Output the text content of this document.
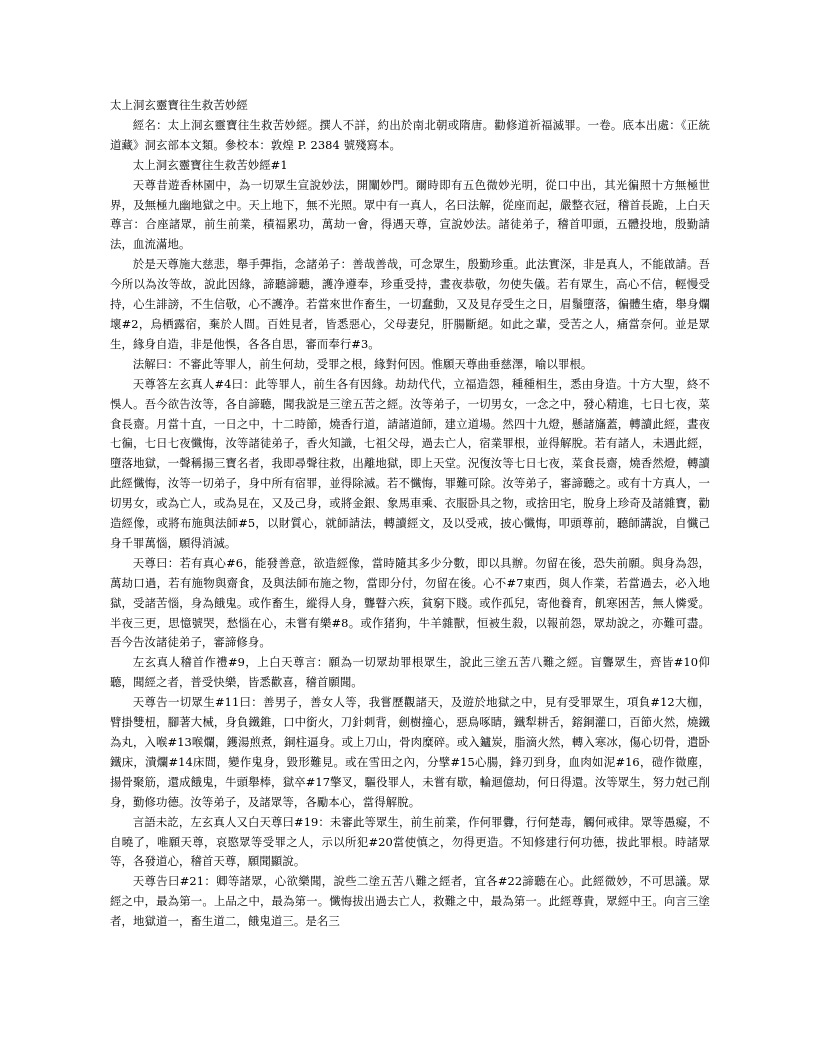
太上洞玄靈寶往生救苦妙經

經名：太上洞玄靈寶往生救苦妙經。撰人不詳，約出於南北朝或隋唐。勸修道祈福滅罪。一卷。底本出處：《正統道藏》洞玄部本文類。參校本：敦煌 P. 2384 號殘寫本。

太上洞玄靈寶往生救苦妙經#1

天尊昔遊香林園中，為一切眾生宣說妙法，開闡妙門。爾時即有五色微妙光明，從口中出，其光徧照十方無極世界，及無極九幽地獄之中。天上地下，無不光照。眾中有一真人，名曰法解，從座而起，嚴整衣冠，稽首長跪，上白天尊言：合座諸眾，前生前業，積福累功，萬劫一會，得遇天尊，宣說妙法。諸徒弟子，稽首叩頭，五體投地，殷勤請法，血流滿地。

於是天尊施大慈悲，舉手彈指，念諸弟子：善哉善哉，可念眾生，殷勤珍重。此法實深，非是真人，不能啟請。吾今所以為汝等故，說此因緣，諦聽諦聽，護净遵奉，珍重受持，晝夜恭敬，勿使失儀。若有眾生，高心不信，輕慢受持，心生誹謗，不生信敬，心不護净。若當來世作畜生，一切蠢動，又及見存受生之日，眉鬚墮落，徧體生瘡，舉身爛壞#2，烏栖露宿，棄於人間。百姓見者，皆悉惡心，父母妻兒，肝腸斷絕。如此之輩，受苦之人，痛當奈何。並是眾生，緣身自造，非是他悞，各各自思，審而奉行#3。

法解曰：不審此等罪人，前生何劫，受罪之根，緣對何因。惟願天尊曲垂慈澤，喻以罪根。

天尊答左玄真人#4曰：此等罪人，前生各有因緣。劫劫代代，立福造怨，種種相生，悉由身造。十方大聖，終不悞人。吾今欲告汝等，各自諦聽，聞我說是三塗五苦之經。汝等弟子，一切男女，一念之中，發心精進，七日七夜，菜食長齋。月當十直，一日之中，十二時節，燒香行道，請諸道師，建立道場。然四十九燈，懸諸旛蓋，轉讀此經，晝夜七徧，七日七夜懺悔，汝等諸徒弟子，香火知識，七祖父母，過去亡人，宿業罪根，並得解脫。若有諸人，未遇此經，墮落地獄，一聲稱揚三寶名者，我即尋聲往救，出離地獄，即上天堂。況復汝等七日七夜，菜食長齋，燒香然燈，轉讀此經懺悔，汝等一切弟子，身中所有宿罪，並得除滅。若不懺悔，罪難可除。汝等弟子，審諦聽之。或有十方真人，一切男女，或為亡人，或為見在，又及己身，或將金銀、象馬車乘、衣服卧具之物，或捨田宅，脫身上珍奇及諸雜寶，勸造經像，或將布施與法師#5，以財質心，就師請法，轉讀經文，及以受戒，披心懺悔，叩頭尊前，聽師講說，自懺己身千罪萬惱，願得消滅。

天尊曰：若有真心#6，能發善意，欲造經像，當時隨其多少分數，即以具辦。勿留在後，恐失前願。與身為怨，萬劫口過，若有施物與齋食，及與法師布施之物，當即分付，勿留在後。心不#7東西，與人作業，若當過去，必入地獄，受諸苦惱，身為餓鬼。或作畜生，縱得人身，聾瞽六疾，貧窮下賤。或作孤兒，寄他養育，飢寒困苦，無人憐愛。半夜三更，思憶號哭，愁惱在心，未嘗有樂#8。或作猪狗，牛羊雜獸，恒被生殺，以報前怨，眾劫說之，亦難可盡。吾今告汝諸徒弟子，審諦修身。

左玄真人稽首作禮#9，上白天尊言：願為一切眾劫罪根眾生，說此三塗五苦八難之經。盲聾眾生，齊皆#10仰聽，聞經之者，普受快樂，皆悉歡喜，稽首願聞。

天尊告一切眾生#11曰：善男子，善女人等，我嘗歷觀諸天，及遊於地獄之中，見有受罪眾生，項負#12大枷，臂掛雙杻，腳著大械，身負鐵錐，口中銜火，刀針刺背，劍樹撞心，惡鳥啄睛，鐵犁耕舌，鎔銅灌口，百節火然，燒鐵為丸，入喉#13喉爛，鑊湯煎煮，銅柱逼身。或上刀山，骨肉糜碎。或入鑪炭，脂滴火然，轉入寒冰，傷心切骨，遣卧鐵床，潰爛#14床間，變作鬼身，毀形難見。或在雪田之內，分擘#15心腸，鋒刃到身，血肉如泥#16，磑作微塵，揚骨聚筋，還成餓鬼，牛頭舉棒，獄卒#17擎叉，驅役罪人，未嘗有歇，輪迴億劫，何日得還。汝等眾生，努力尅己削身，勤修功德。汝等弟子，及諸眾等，各勵本心，當得解脫。

言語未訖，左玄真人又白天尊曰#19：未審此等眾生，前生前業，作何罪釁，行何楚毒，觸何戒律。眾等愚癡，不自曉了，唯願天尊，哀愍眾等受罪之人，示以所犯#20當使慎之，勿得更造。不知修建行何功德，拔此罪根。時諸眾等，各發道心，稽首天尊，願聞顯說。

天尊告曰#21：卿等諸眾，心欲樂聞，說些二塗五苦八難之經者，宜各#22諦聽在心。此經微妙，不可思議。眾經之中，最為第一。上品之中，最為第一。懺悔拔出過去亡人，救難之中，最為第一。此經尊貴，眾經中王。向言三塗者，地獄道一，畜生道二，餓鬼道三。是名三
